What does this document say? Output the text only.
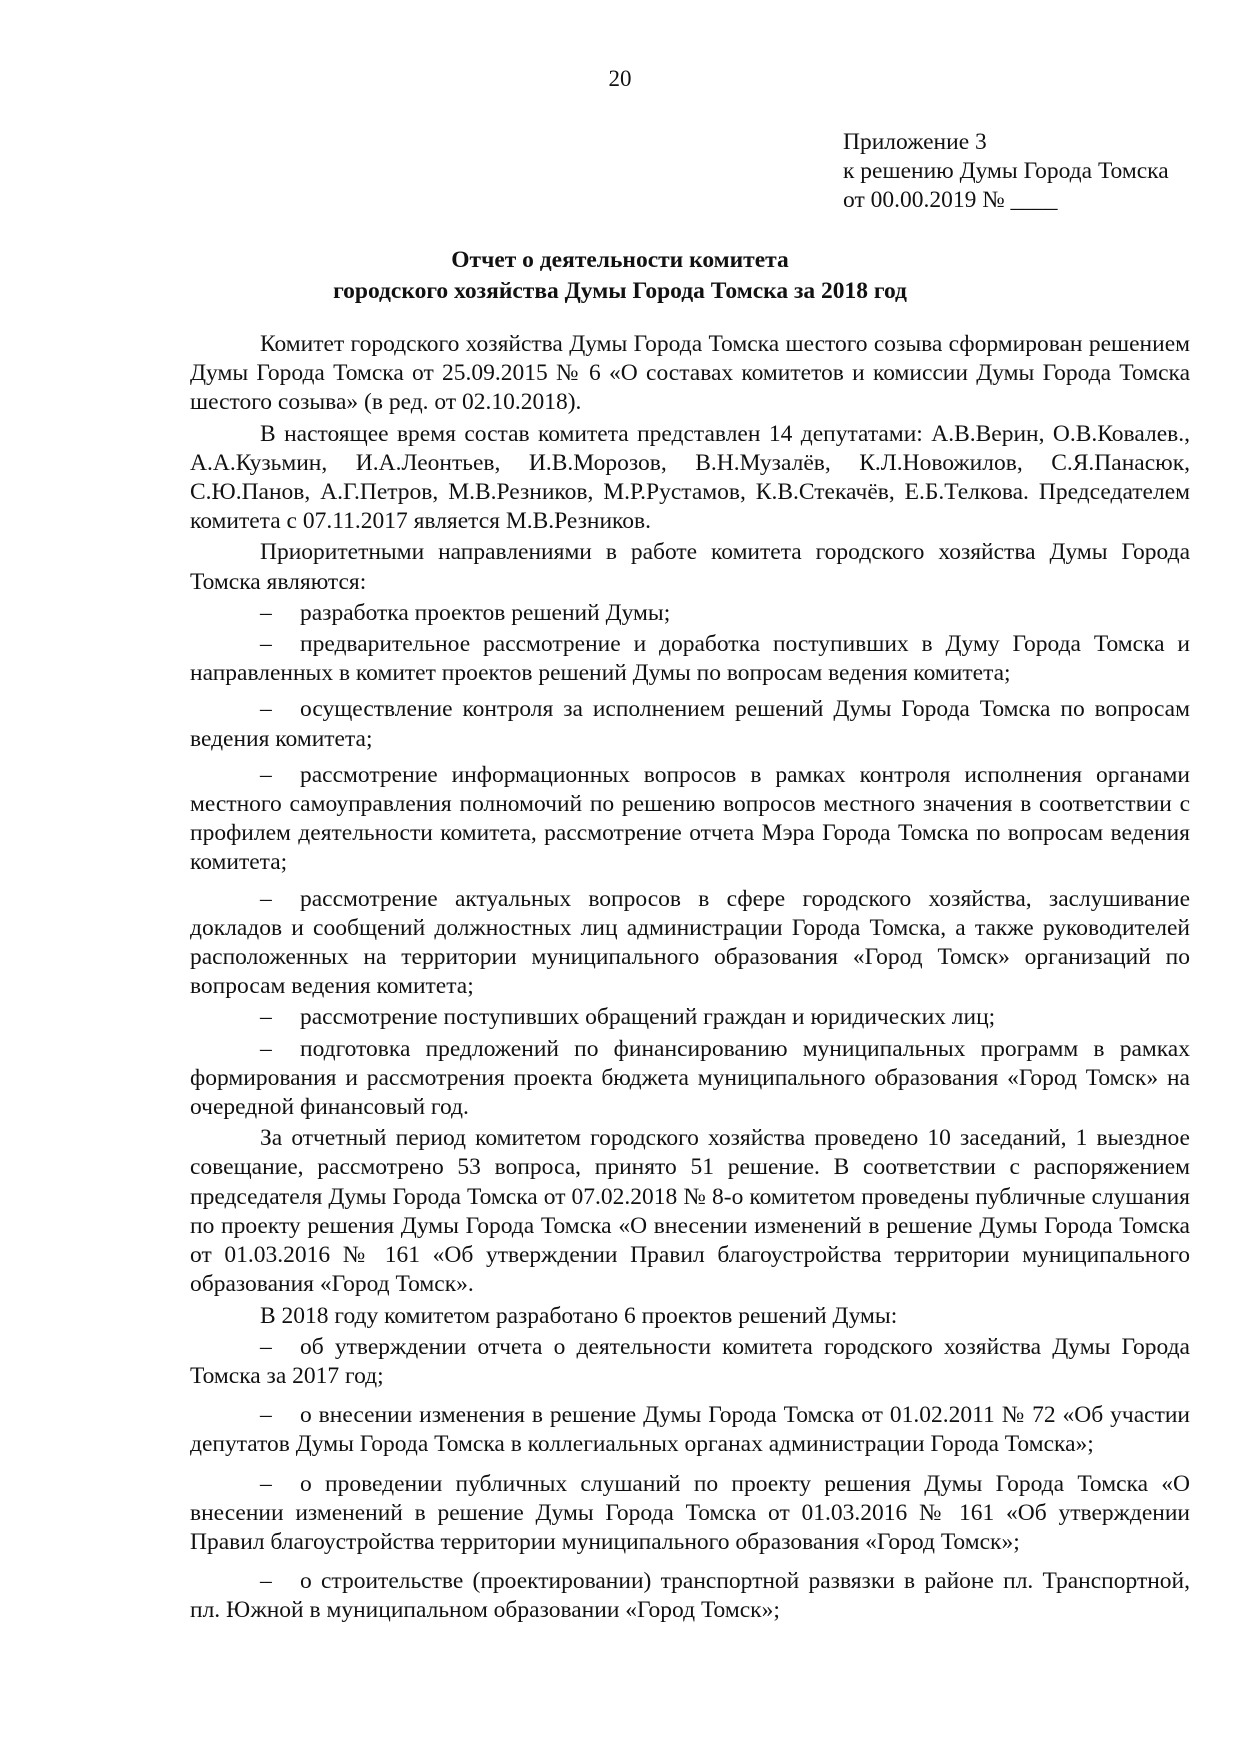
20
Приложение 3
к решению Думы Города Томска
от 00.00.2019 № ____
Отчет о деятельности комитета
городского хозяйства Думы Города Томска за 2018 год

Комитет городского хозяйства Думы Города Томска шестого созыва сформирован решением Думы Города Томска от 25.09.2015 № 6 «О составах комитетов и комиссии Думы Города Томска шестого созыва» (в ред. от 02.10.2018).

В настоящее время состав комитета представлен 14 депутатами: А.В.Верин, О.В.Ковалев., А.А.Кузьмин, И.А.Леонтьев, И.В.Морозов, В.Н.Музалёв, К.Л.Новожилов, С.Я.Панасюк, С.Ю.Панов, А.Г.Петров, М.В.Резников, М.Р.Рустамов, К.В.Стекачёв, Е.Б.Телкова. Председателем комитета с 07.11.2017 является М.В.Резников.

Приоритетными направлениями в работе комитета городского хозяйства Думы Города Томска являются:

– разработка проектов решений Думы;

– предварительное рассмотрение и доработка поступивших в Думу Города Томска и направленных в комитет проектов решений Думы по вопросам ведения комитета;

– осуществление контроля за исполнением решений Думы Города Томска по вопросам ведения комитета;

– рассмотрение информационных вопросов в рамках контроля исполнения органами местного самоуправления полномочий по решению вопросов местного значения в соответствии с профилем деятельности комитета, рассмотрение отчета Мэра Города Томска по вопросам ведения комитета;

– рассмотрение актуальных вопросов в сфере городского хозяйства, заслушивание докладов и сообщений должностных лиц администрации Города Томска, а также руководителей расположенных на территории муниципального образования «Город Томск» организаций по вопросам ведения комитета;

– рассмотрение поступивших обращений граждан и юридических лиц;

– подготовка предложений по финансированию муниципальных программ в рамках формирования и рассмотрения проекта бюджета муниципального образования «Город Томск» на очередной финансовый год.

За отчетный период комитетом городского хозяйства проведено 10 заседаний, 1 выездное совещание, рассмотрено 53 вопроса, принято 51 решение. В соответствии с распоряжением председателя Думы Города Томска от 07.02.2018 № 8-о комитетом проведены публичные слушания по проекту решения Думы Города Томска «О внесении изменений в решение Думы Города Томска от 01.03.2016 № 161 «Об утверждении Правил благоустройства территории муниципального образования «Город Томск».

В 2018 году комитетом разработано 6 проектов решений Думы:

– об утверждении отчета о деятельности комитета городского хозяйства Думы Города Томска за 2017 год;

– о внесении изменения в решение Думы Города Томска от 01.02.2011 № 72 «Об участии депутатов Думы Города Томска в коллегиальных органах администрации Города Томска»;

– о проведении публичных слушаний по проекту решения Думы Города Томска «О внесении изменений в решение Думы Города Томска от 01.03.2016 № 161 «Об утверждении Правил благоустройства территории муниципального образования «Город Томск»;

– о строительстве (проектировании) транспортной развязки в районе пл. Транспортной, пл. Южной в муниципальном образовании «Город Томск»;
